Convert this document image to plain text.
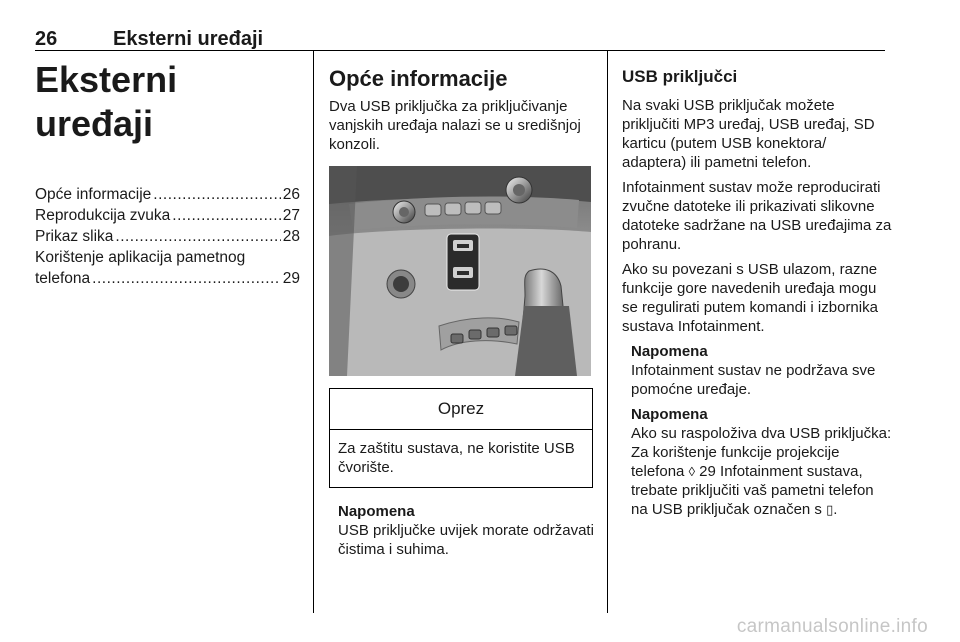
26	Eksterni uređaji
Eksterni uređaji
Opće informacije .....	26
Reprodukcija zvuka .....	27
Prikaz slika .....	28
Korištenje aplikacija pametnog
telefona .....	29
Opće informacije

Dva USB priključka za priključivanje vanjskih uređaja nalazi se u središnjoj konzoli.

Oprez
Za zaštitu sustava, ne koristite USB čvorište.
Napomena

USB priključke uvijek morate održavati čistima i suhima.

USB priključci

Na svaki USB priključak možete priključiti MP3 uređaj, USB uređaj, SD karticu (putem USB konektora/ adaptera) ili pametni telefon.

Infotainment sustav može reproducirati zvučne datoteke ili prikazivati slikovne datoteke sadržane na USB uređajima za pohranu.

Ako su povezani s USB ulazom, razne funkcije gore navedenih uređaja mogu se regulirati putem komandi i izbornika sustava Infotainment.

Napomena

Infotainment sustav ne podržava sve pomoćne uređaje.

Napomena

Ako su raspoloživa dva USB priključka: Za korištenje funkcije projekcije telefona ◊ 29 Infotainment sustava, trebate priključiti vaš pametni telefon na USB priključak označen s ▯.

carmanualsonline.info
